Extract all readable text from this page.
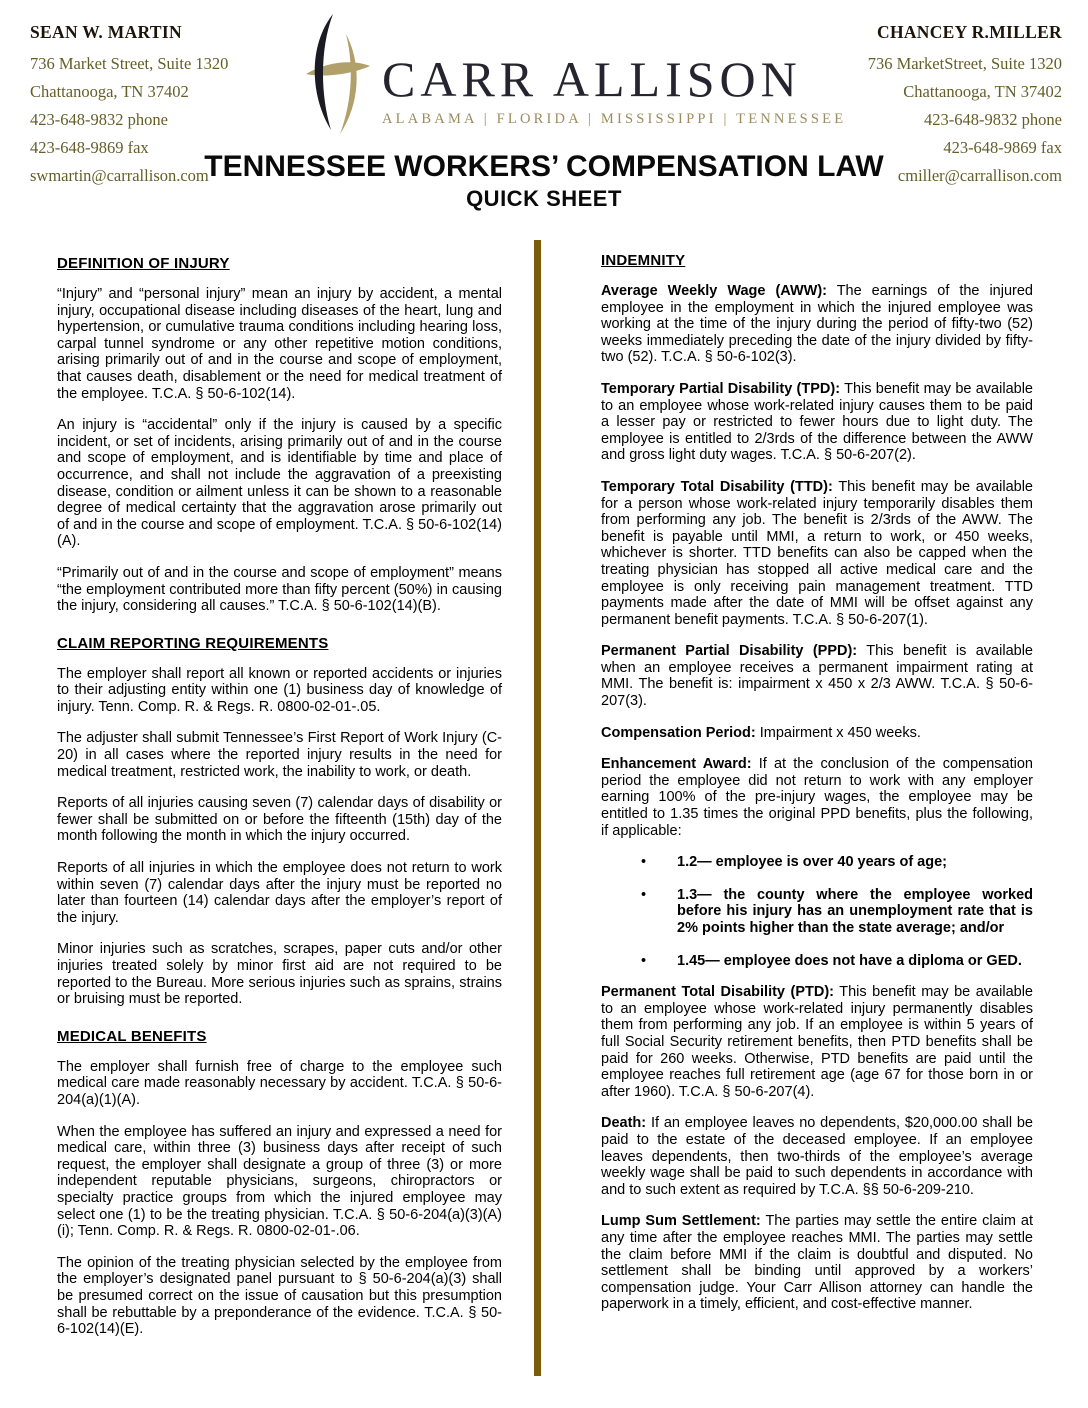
SEAN W. MARTIN
736 Market Street, Suite 1320
Chattanooga, TN 37402
423-648-9832 phone
423-648-9869 fax
swmartin@carrallison.com
CHANCEY R.MILLER
736 MarketStreet, Suite 1320
Chattanooga, TN 37402
423-648-9832 phone
423-648-9869 fax
cmiller@carrallison.com
CARR ALLISON
ALABAMA | FLORIDA | MISSISSIPPI | TENNESSEE
TENNESSEE WORKERS’ COMPENSATION LAW
QUICK SHEET
DEFINITION OF INJURY

“Injury” and “personal injury” mean an injury by accident, a mental injury, occupational disease including diseases of the heart, lung and hypertension, or cumulative trauma conditions including hearing loss, carpal tunnel syndrome or any other repetitive motion conditions, arising primarily out of and in the course and scope of employment, that causes death, disablement or the need for medical treatment of the employee. T.C.A. § 50-6-102(14).

An injury is “accidental” only if the injury is caused by a specific incident, or set of incidents, arising primarily out of and in the course and scope of employment, and is identifiable by time and place of occurrence, and shall not include the aggravation of a preexisting disease, condition or ailment unless it can be shown to a reasonable degree of medical certainty that the aggravation arose primarily out of and in the course and scope of employment. T.C.A. § 50-6-102(14)(A).

“Primarily out of and in the course and scope of employment” means “the employment contributed more than fifty percent (50%) in causing the injury, considering all causes.” T.C.A. § 50-6-102(14)(B).

CLAIM REPORTING REQUIREMENTS

The employer shall report all known or reported accidents or injuries to their adjusting entity within one (1) business day of knowledge of injury. Tenn. Comp. R. & Regs. R. 0800-02-01-.05.

The adjuster shall submit Tennessee’s First Report of Work Injury (C-20) in all cases where the reported injury results in the need for medical treatment, restricted work, the inability to work, or death.

Reports of all injuries causing seven (7) calendar days of disability or fewer shall be submitted on or before the fifteenth (15th) day of the month following the month in which the injury occurred.

Reports of all injuries in which the employee does not return to work within seven (7) calendar days after the injury must be reported no later than fourteen (14) calendar days after the employer’s report of the injury.

Minor injuries such as scratches, scrapes, paper cuts and/or other injuries treated solely by minor first aid are not required to be reported to the Bureau. More serious injuries such as sprains, strains or bruising must be reported.

MEDICAL BENEFITS

The employer shall furnish free of charge to the employee such medical care made reasonably necessary by accident. T.C.A. § 50-6-204(a)(1)(A).

When the employee has suffered an injury and expressed a need for medical care, within three (3) business days after receipt of such request, the employer shall designate a group of three (3) or more independent reputable physicians, surgeons, chiropractors or specialty practice groups from which the injured employee may select one (1) to be the treating physician. T.C.A. § 50-6-204(a)(3)(A)(i); Tenn. Comp. R. & Regs. R. 0800-02-01-.06.

The opinion of the treating physician selected by the employee from the employer’s designated panel pursuant to § 50-6-204(a)(3) shall be presumed correct on the issue of causation but this presumption shall be rebuttable by a preponderance of the evidence. T.C.A. § 50-6-102(14)(E).

INDEMNITY

Average Weekly Wage (AWW): The earnings of the injured employee in the employment in which the injured employee was working at the time of the injury during the period of fifty-two (52) weeks immediately preceding the date of the injury divided by fifty-two (52). T.C.A. § 50-6-102(3).

Temporary Partial Disability (TPD): This benefit may be available to an employee whose work-related injury causes them to be paid a lesser pay or restricted to fewer hours due to light duty. The employee is entitled to 2/3rds of the difference between the AWW and gross light duty wages. T.C.A. § 50-6-207(2).

Temporary Total Disability (TTD): This benefit may be available for a person whose work-related injury temporarily disables them from performing any job. The benefit is 2/3rds of the AWW. The benefit is payable until MMI, a return to work, or 450 weeks, whichever is shorter. TTD benefits can also be capped when the treating physician has stopped all active medical care and the employee is only receiving pain management treatment. TTD payments made after the date of MMI will be offset against any permanent benefit payments. T.C.A. § 50-6-207(1).

Permanent Partial Disability (PPD): This benefit is available when an employee receives a permanent impairment rating at MMI. The benefit is: impairment x 450 x 2/3 AWW. T.C.A. § 50-6-207(3).

Compensation Period: Impairment x 450 weeks.

Enhancement Award: If at the conclusion of the compensation period the employee did not return to work with any employer earning 100% of the pre-injury wages, the employee may be entitled to 1.35 times the original PPD benefits, plus the following, if applicable:

•	1.2— employee is over 40 years of age;
•	1.3— the county where the employee worked before his injury has an unemployment rate that is 2% points higher than the state average; and/or
•	1.45— employee does not have a diploma or GED.

Permanent Total Disability (PTD): This benefit may be available to an employee whose work-related injury permanently disables them from performing any job. If an employee is within 5 years of full Social Security retirement benefits, then PTD benefits shall be paid for 260 weeks. Otherwise, PTD benefits are paid until the employee reaches full retirement age (age 67 for those born in or after 1960). T.C.A. § 50-6-207(4).

Death: If an employee leaves no dependents, $20,000.00 shall be paid to the estate of the deceased employee. If an employee leaves dependents, then two-thirds of the employee’s average weekly wage shall be paid to such dependents in accordance with and to such extent as required by T.C.A. §§ 50-6-209-210.

Lump Sum Settlement: The parties may settle the entire claim at any time after the employee reaches MMI. The parties may settle the claim before MMI if the claim is doubtful and disputed. No settlement shall be binding until approved by a workers’ compensation judge. Your Carr Allison attorney can handle the paperwork in a timely, efficient, and cost-effective manner.
